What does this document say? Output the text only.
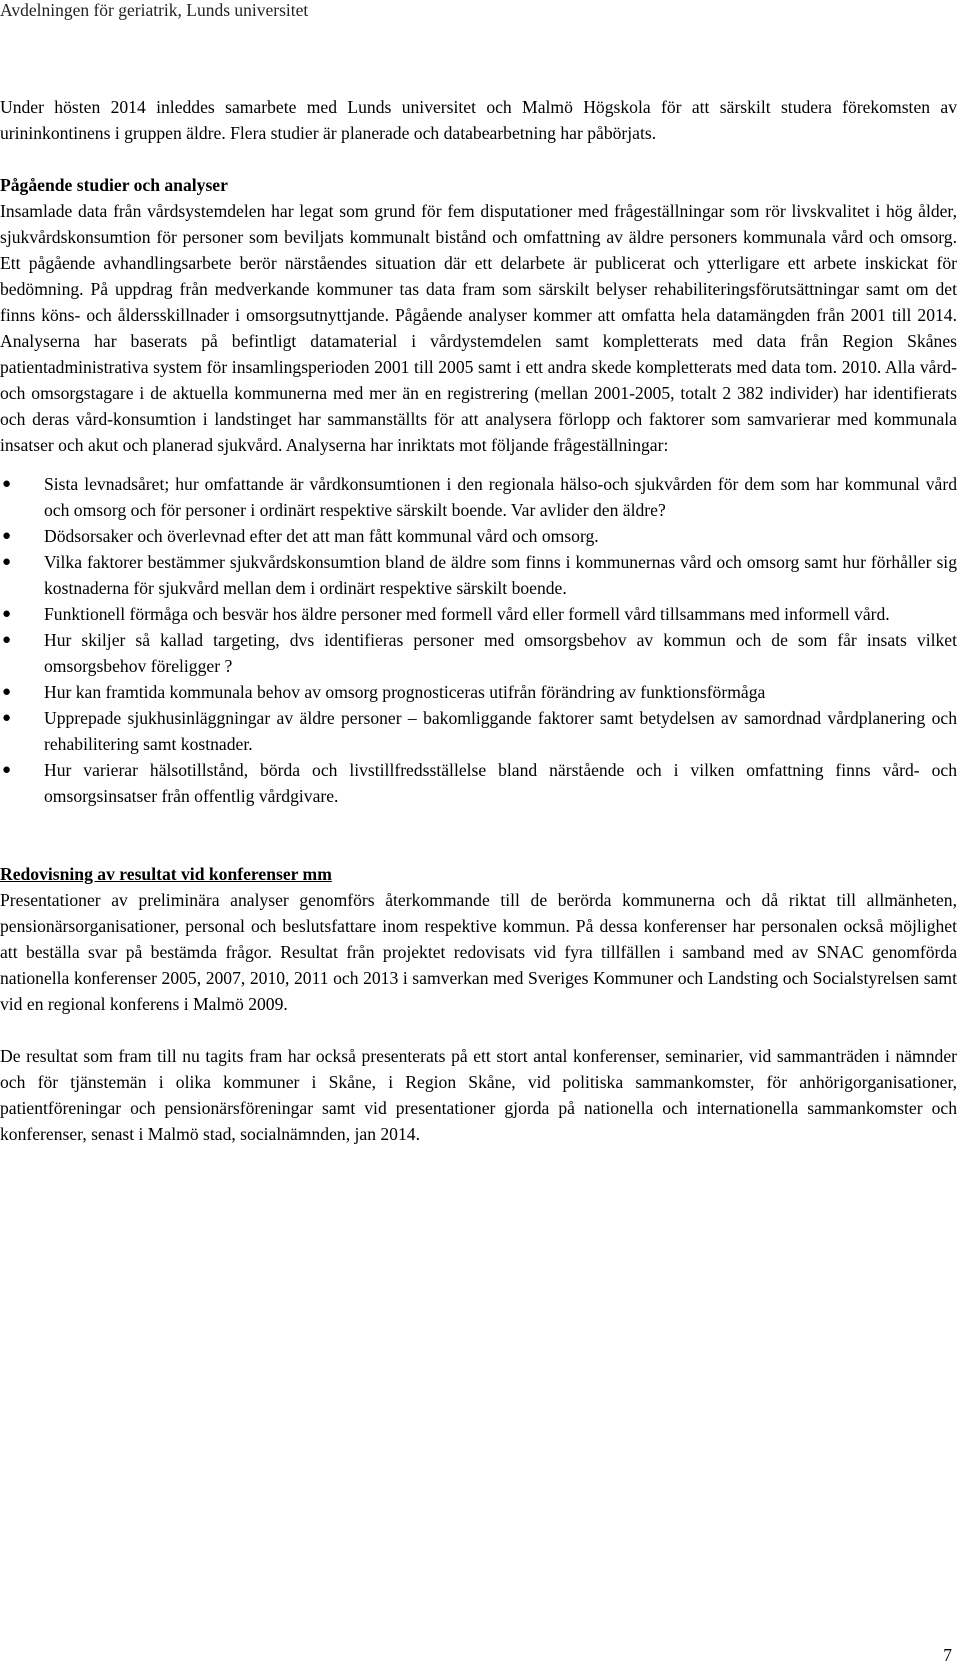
Avdelningen för geriatrik, Lunds universitet

Under hösten 2014 inleddes samarbete med Lunds universitet och Malmö Högskola för att särskilt studera förekomsten av urininkontinens i gruppen äldre. Flera studier är planerade och databearbetning har påbörjats.

Pågående studier och analyser

Insamlade data från vårdsystemdelen har legat som grund för fem disputationer med frågeställningar som rör livskvalitet i hög ålder, sjukvårdskonsumtion för personer som beviljats kommunalt bistånd och omfattning av äldre personers kommunala vård och omsorg. Ett pågående avhandlingsarbete berör närståendes situation där ett delarbete är publicerat och ytterligare ett arbete inskickat för bedömning. På uppdrag från medverkande kommuner tas data fram som särskilt belyser rehabiliteringsförutsättningar samt om det finns köns- och åldersskillnader i omsorgsutnyttjande. Pågående analyser kommer att omfatta hela datamängden från 2001 till 2014. Analyserna har baserats på befintligt datamaterial i vårdystemdelen samt kompletterats med data från Region Skånes patientadministrativa system för insamlingsperioden 2001 till 2005 samt i ett andra skede kompletterats med data tom. 2010. Alla vård- och omsorgstagare i de aktuella kommunerna med mer än en registrering (mellan 2001-2005, totalt 2 382 individer) har identifierats och deras vård-konsumtion i landstinget har sammanställts för att analysera förlopp och faktorer som samvarierar med kommunala insatser och akut och planerad sjukvård. Analyserna har inriktats mot följande frågeställningar:

● Sista levnadsåret; hur omfattande är vårdkonsumtionen i den regionala hälso-och sjukvården för dem som har kommunal vård och omsorg och för personer i ordinärt respektive särskilt boende. Var avlider den äldre?
● Dödsorsaker och överlevnad efter det att man fått kommunal vård och omsorg.
● Vilka faktorer bestämmer sjukvårdskonsumtion bland de äldre som finns i kommunernas vård och omsorg samt hur förhåller sig kostnaderna för sjukvård mellan dem i ordinärt respektive särskilt boende.
● Funktionell förmåga och besvär hos äldre personer med formell vård eller formell vård tillsammans med informell vård.
● Hur skiljer så kallad targeting, dvs identifieras personer med omsorgsbehov av kommun och de som får insats vilket omsorgsbehov föreligger ?
● Hur kan framtida kommunala behov av omsorg prognosticeras utifrån förändring av funktionsförmåga
● Upprepade sjukhusinläggningar av äldre personer – bakomliggande faktorer samt betydelsen av samordnad vårdplanering och rehabilitering samt kostnader.
● Hur varierar hälsotillstånd, börda och livstillfredsställelse bland närstående och i vilken omfattning finns vård- och omsorgsinsatser från offentlig vårdgivare.
Redovisning av resultat vid konferenser mm

Presentationer av preliminära analyser genomförs återkommande till de berörda kommunerna och då riktat till allmänheten, pensionärsorganisationer, personal och beslutsfattare inom respektive kommun. På dessa konferenser har personalen också möjlighet att beställa svar på bestämda frågor. Resultat från projektet redovisats vid fyra tillfällen i samband med av SNAC genomförda nationella konferenser 2005, 2007, 2010, 2011 och 2013 i samverkan med Sveriges Kommuner och Landsting och Socialstyrelsen samt vid en regional konferens i Malmö 2009.

De resultat som fram till nu tagits fram har också presenterats på ett stort antal konferenser, seminarier, vid sammanträden i nämnder och för tjänstemän i olika kommuner i Skåne, i Region Skåne, vid politiska sammankomster, för anhörigorganisationer, patientföreningar och pensionärsföreningar samt vid presentationer gjorda på nationella och internationella sammankomster och konferenser, senast i Malmö stad, socialnämnden, jan 2014.

7
